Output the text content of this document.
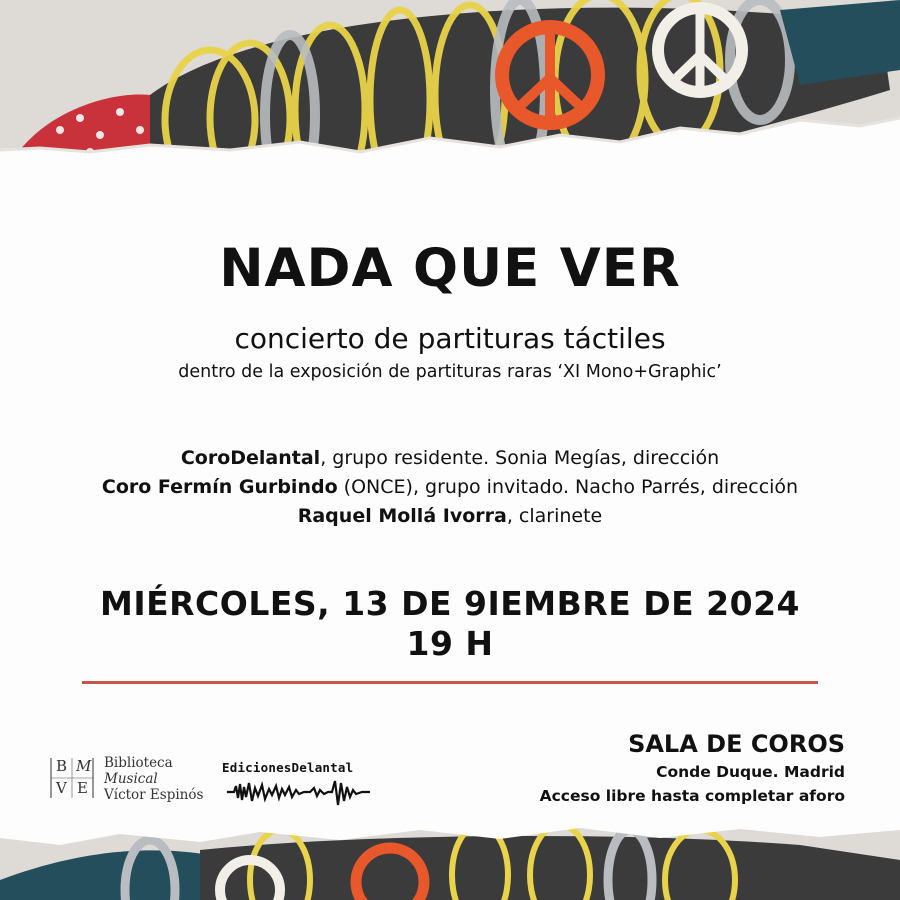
NADA QUE VER
concierto de partituras táctiles
dentro de la exposición de partituras raras ‘XI Mono+Graphic’
CoroDelantal, grupo residente. Sonia Megías, dirección
Coro Fermín Gurbindo (ONCE), grupo invitado. Nacho Parrés, dirección
Raquel Mollá Ivorra, clarinete
MIÉRCOLES, 13 DE 9IEMBRE DE 2024
19 H
B M
V E
Biblioteca
Musical
Víctor Espinós
EdicionesDelantal
SALA DE COROS
Conde Duque. Madrid
Acceso libre hasta completar aforo
